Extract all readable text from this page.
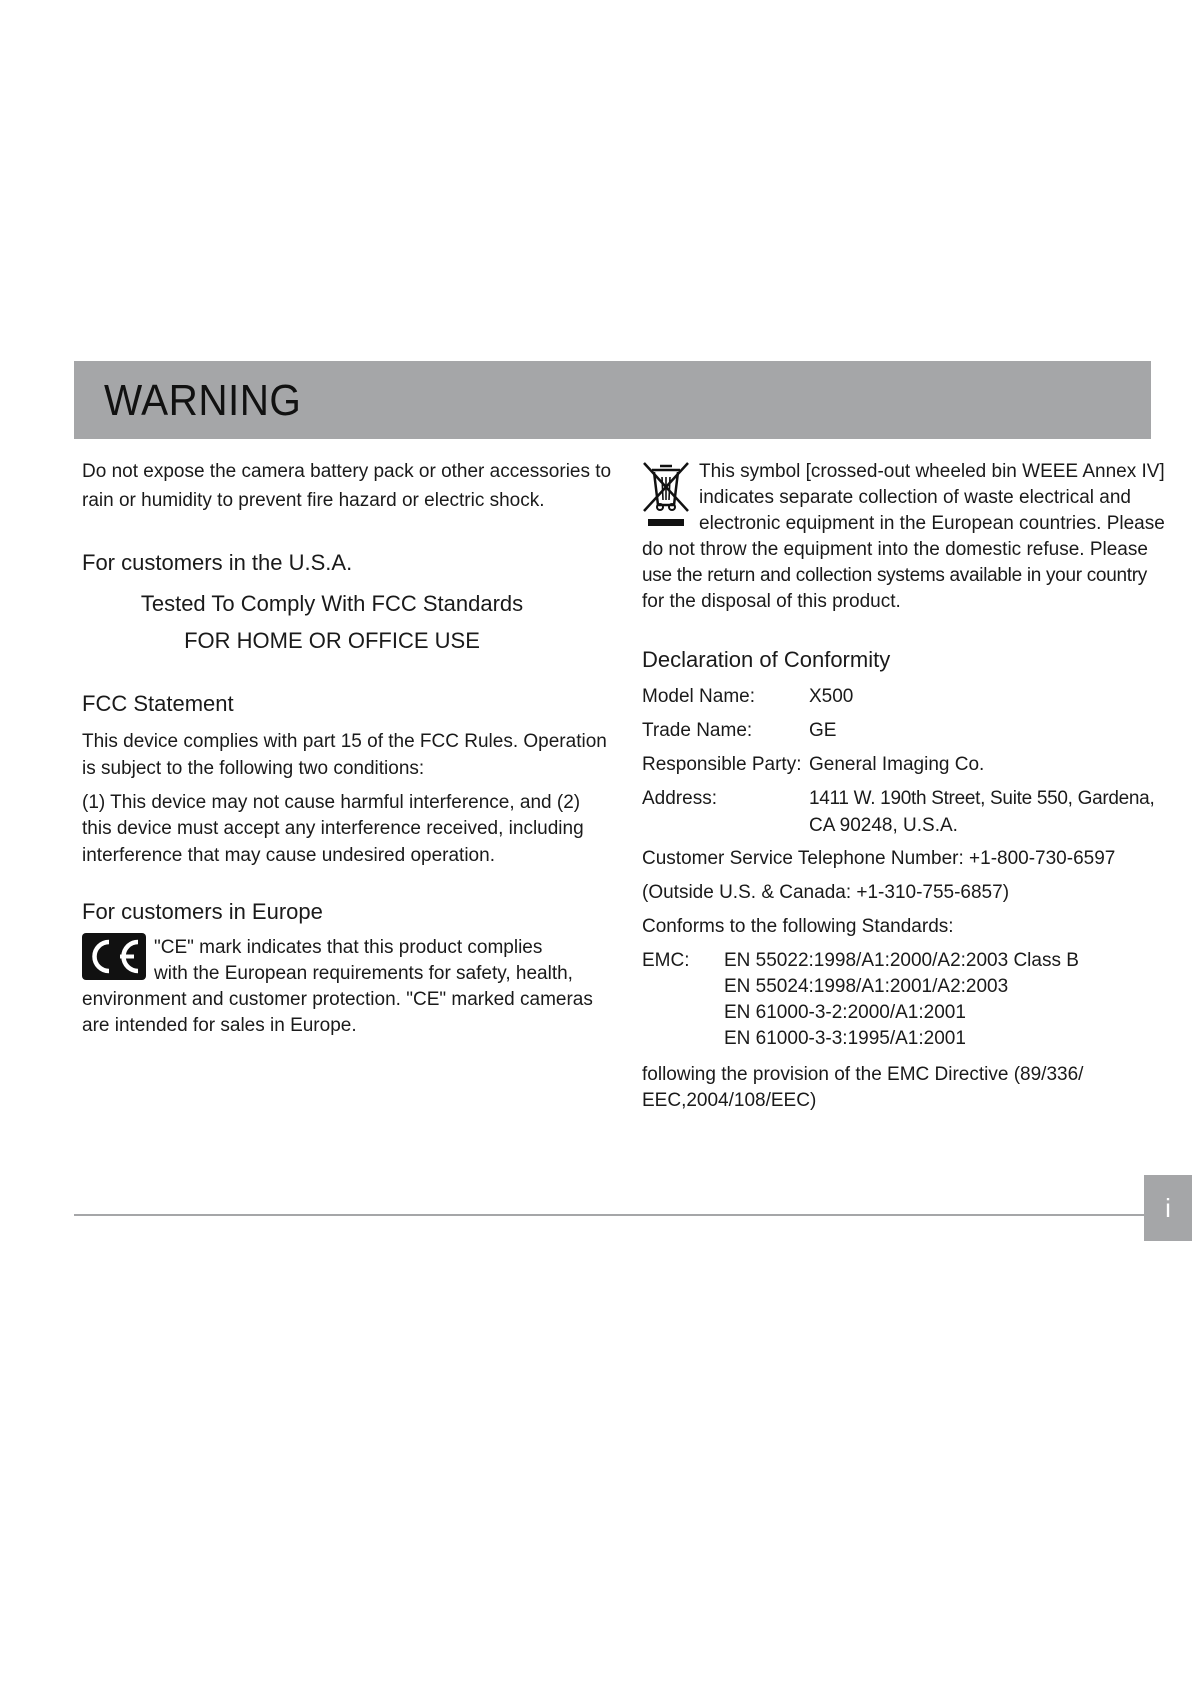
WARNING
Do not expose the camera battery pack or other accessories to
rain or humidity to prevent fire hazard or electric shock.
For customers in the U.S.A.
Tested To Comply With FCC Standards
FOR HOME OR OFFICE USE
FCC Statement
This device complies with part 15 of the FCC Rules. Operation
is subject to the following two conditions:
(1) This device may not cause harmful interference, and (2)
this device must accept any interference received, including
interference that may cause undesired operation.
For customers in Europe
"CE" mark indicates that this product complies
with the European requirements for safety, health,
environment and customer protection. "CE" marked cameras
are intended for sales in Europe.
This symbol [crossed-out wheeled bin WEEE Annex IV]
indicates separate collection of waste electrical and
electronic equipment in the European countries. Please
do not throw the equipment into the domestic refuse. Please
use the return and collection systems available in your country
for the disposal of this product.
Declaration of Conformity
Model Name:	X500
Trade Name:	GE
Responsible Party: General Imaging Co.
Address:	1411 W. 190th Street, Suite 550, Gardena,
CA 90248, U.S.A.
Customer Service Telephone Number: +1-800-730-6597
(Outside U.S. & Canada: +1-310-755-6857)
Conforms to the following Standards:
EMC: EN 55022:1998/A1:2000/A2:2003 Class B
EN 55024:1998/A1:2001/A2:2003
EN 61000-3-2:2000/A1:2001
EN 61000-3-3:1995/A1:2001
following the provision of the EMC Directive (89/336/
EEC,2004/108/EEC)
i
